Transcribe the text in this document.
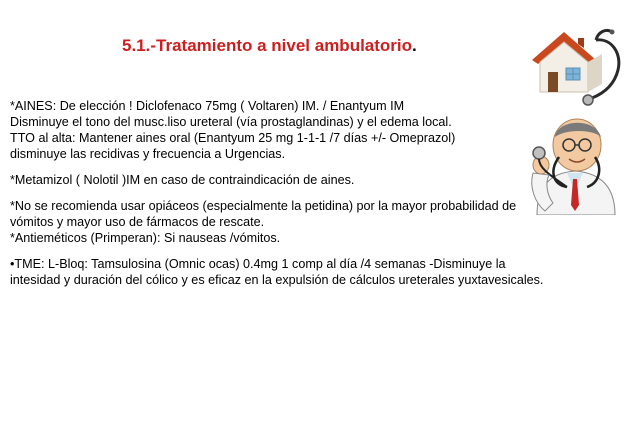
5.1.-Tratamiento a nivel ambulatorio.

*AINES: De elección ! Diclofenaco 75mg ( Voltaren) IM. / Enantyum IM
Disminuye el tono del musc.liso ureteral (vía prostaglandinas) y el edema local.
TTO al alta: Mantener aines oral (Enantyum 25 mg 1-1-1 /7 días +/- Omeprazol)
disminuye las recidivas y frecuencia a Urgencias.

*Metamizol ( Nolotil )IM en caso de contraindicación de aines.

*No se recomienda usar opiáceos (especialmente la petidina) por la mayor probabilidad de
vómitos y mayor uso de fármacos de rescate.
*Antieméticos (Primperan): Si nauseas /vómitos.

•TME: L-Bloq: Tamsulosina (Omnic ocas) 0.4mg 1 comp al día /4 semanas -Disminuye la
intesidad y duración del cólico y es eficaz en la expulsión de cálculos ureterales yuxtavesicales.
